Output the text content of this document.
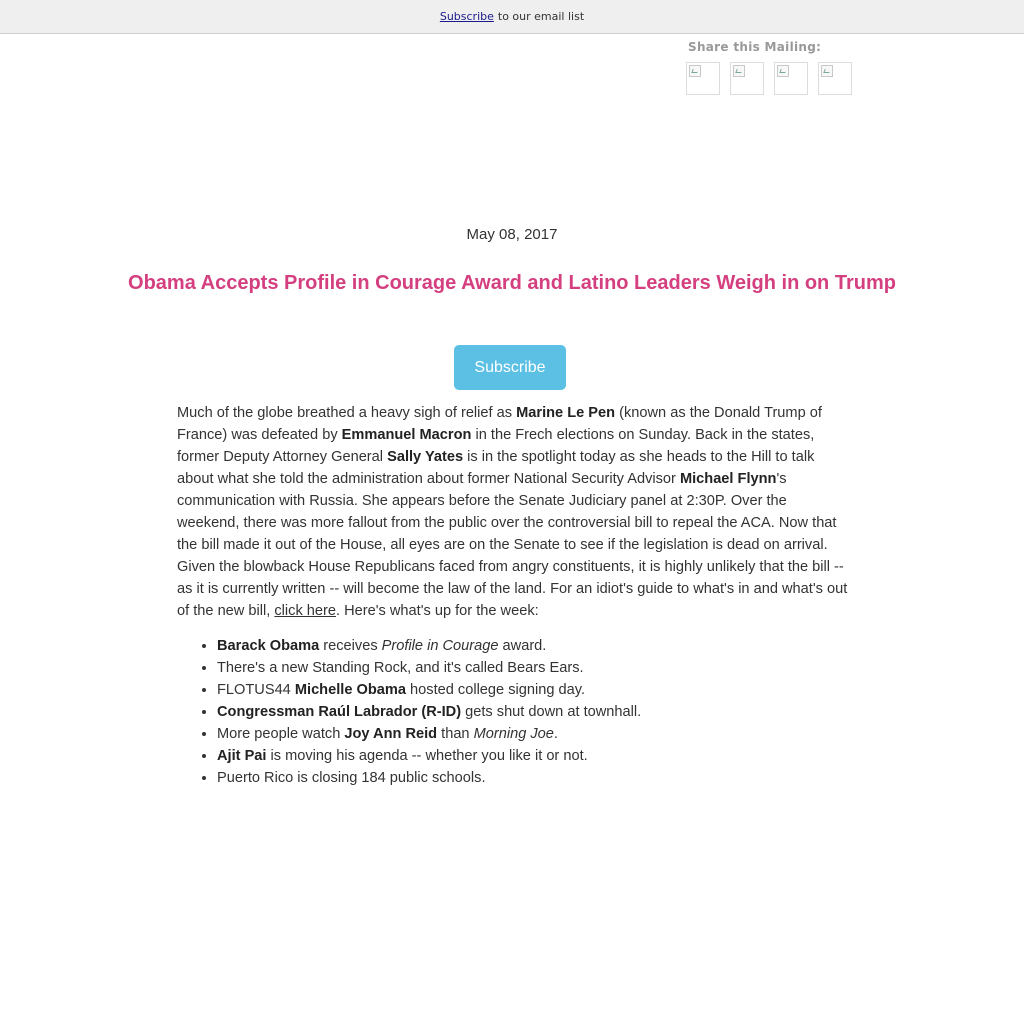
Subscribe to our email list
Share this Mailing:
May 08, 2017
Obama Accepts Profile in Courage Award and Latino Leaders Weigh in on Trump
Subscribe

Much of the globe breathed a heavy sigh of relief as Marine Le Pen (known as the Donald Trump of France) was defeated by Emmanuel Macron in the Frech elections on Sunday. Back in the states, former Deputy Attorney General Sally Yates is in the spotlight today as she heads to the Hill to talk about what she told the administration about former National Security Advisor Michael Flynn's communication with Russia. She appears before the Senate Judiciary panel at 2:30P. Over the weekend, there was more fallout from the public over the controversial bill to repeal the ACA. Now that the bill made it out of the House, all eyes are on the Senate to see if the legislation is dead on arrival. Given the blowback House Republicans faced from angry constituents, it is highly unlikely that the bill -- as it is currently written -- will become the law of the land. For an idiot's guide to what's in and what's out of the new bill, click here. Here's what's up for the week:

• Barack Obama receives Profile in Courage award.
• There's a new Standing Rock, and it's called Bears Ears.
• FLOTUS44 Michelle Obama hosted college signing day.
• Congressman Raúl Labrador (R-ID) gets shut down at townhall.
• More people watch Joy Ann Reid than Morning Joe.
• Ajit Pai is moving his agenda -- whether you like it or not.
• Puerto Rico is closing 184 public schools.
